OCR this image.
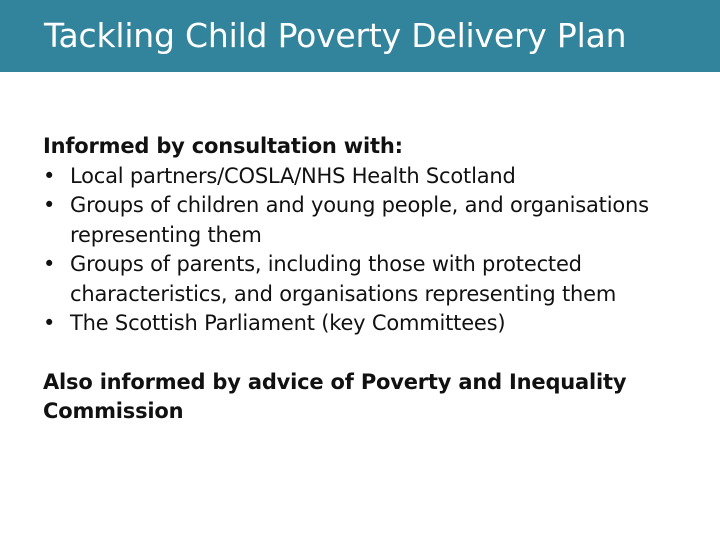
Tackling Child Poverty Delivery Plan
Informed by consultation with:
• Local partners/COSLA/NHS Health Scotland
• Groups of children and young people, and organisations representing them
• Groups of parents, including those with protected characteristics, and organisations representing them
• The Scottish Parliament (key Committees)
Also informed by advice of Poverty and Inequality Commission
